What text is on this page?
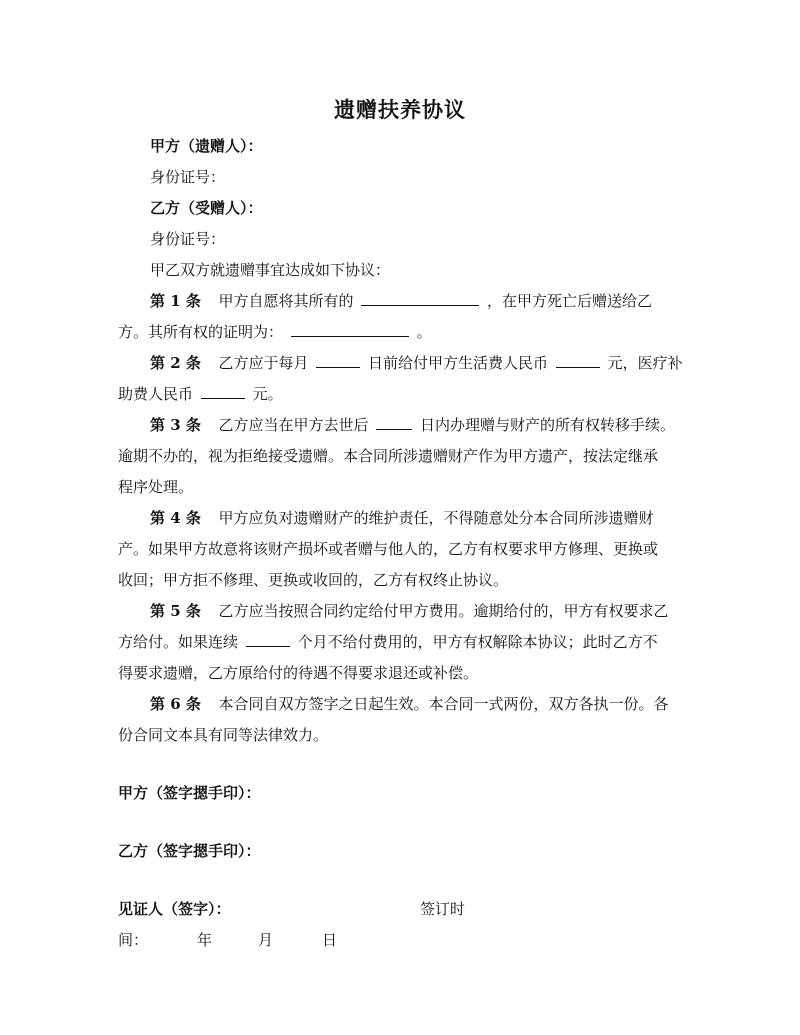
遗赠扶养协议
甲方（遗赠人）：
身份证号：
乙方（受赠人）：
身份证号：
甲乙双方就遗赠事宜达成如下协议：
第 1 条 甲方自愿将其所有的	，在甲方死亡后赠送给乙
方。其所有权的证明为：	。
第 2 条 乙方应于每月	日前给付甲方生活费人民币	元，医疗补
助费人民币	元。
第 3 条 乙方应当在甲方去世后	日内办理赠与财产的所有权转移手续。
逾期不办的，视为拒绝接受遗赠。本合同所涉遗赠财产作为甲方遗产，按法定继承
程序处理。
第 4 条 甲方应负对遗赠财产的维护责任，不得随意处分本合同所涉遗赠财
产。如果甲方故意将该财产损坏或者赠与他人的，乙方有权要求甲方修理、更换或
收回；甲方拒不修理、更换或收回的，乙方有权终止协议。
第 5 条 乙方应当按照合同约定给付甲方费用。逾期给付的，甲方有权要求乙
方给付。如果连续	个月不给付费用的，甲方有权解除本协议；此时乙方不
得要求遗赠，乙方原给付的待遇不得要求退还或补偿。
第 6 条 本合同自双方签字之日起生效。本合同一式两份，双方各执一份。各
份合同文本具有同等法律效力。
甲方（签字摁手印）：
乙方（签字摁手印）：
见证人（签字）：	签订时
间：	年	月	日
